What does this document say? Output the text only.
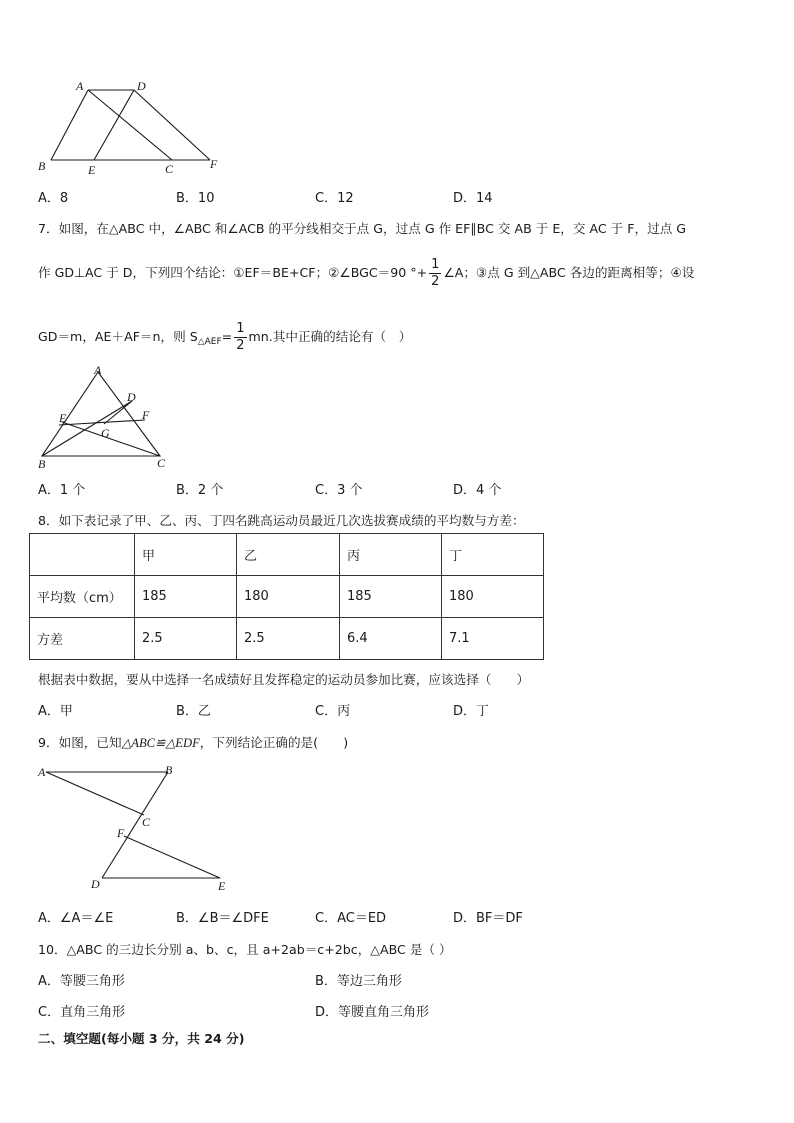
A	D
B	E	C	F
A．8	B．10	C．12	D．14
7．如图，在△ABC 中，∠ABC 和∠ACB 的平分线相交于点 G，过点 G 作 EF∥BC 交 AB 于 E，交 AC 于 F，过点 G
作 GD⊥AC 于 D，下列四个结论：①EF＝BE+CF；②∠BGC＝90 °+ $\frac{1}{2}$ ∠A；③点 G 到△ABC 各边的距离相等；④设
GD＝m，AE＋AF＝n，则 $S_{\triangle AEF}= \frac{1}{2}$ mn.其中正确的结论有（　）
A
D
E	F
G
B	C
A．1 个	B．2 个	C．3 个	D．4 个
8．如下表记录了甲、乙、丙、丁四名跳高运动员最近几次选拔赛成绩的平均数与方差：
	甲	乙	丙	丁
平均数（cm）	185	180	185	180
方差	2.5	2.5	6.4	7.1
根据表中数据，要从中选择一名成绩好且发挥稳定的运动员参加比赛，应该选择（　　）
A．甲	B．乙	C．丙	D．丁
9．如图，已知△ABC≌△EDF，下列结论正确的是(　　)
A	B
C
F
D	E
A．∠A＝∠E	B．∠B＝∠DFE	C．AC＝ED	D．BF＝DF
10．△ABC 的三边长分别 a、b、c，且 a+2ab＝c+2bc，△ABC 是（ ）
A．等腰三角形	B．等边三角形
C．直角三角形	D．等腰直角三角形
二、填空题(每小题 3 分，共 24 分)
